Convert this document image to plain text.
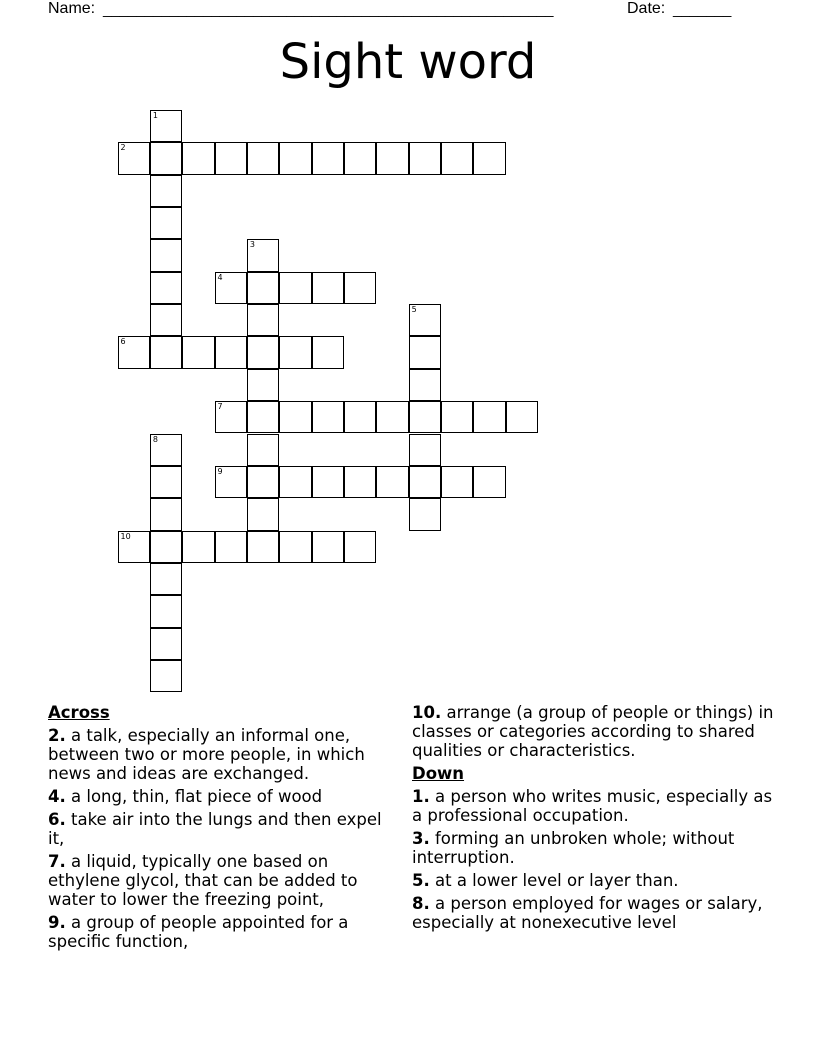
Name: ______________________________________________________	Date: _______
Sight word
1
2
3
4
5
6
7
8
9
10
Across
2. a talk, especially an informal one, between two or more people, in which news and ideas are exchanged.
4. a long, thin, flat piece of wood
6. take air into the lungs and then expel it,
7. a liquid, typically one based on ethylene glycol, that can be added to water to lower the freezing point,
9. a group of people appointed for a specific function,
10. arrange (a group of people or things) in classes or categories according to shared qualities or characteristics.
Down
1. a person who writes music, especially as a professional occupation.
3. forming an unbroken whole; without interruption.
5. at a lower level or layer than.
8. a person employed for wages or salary, especially at nonexecutive level
